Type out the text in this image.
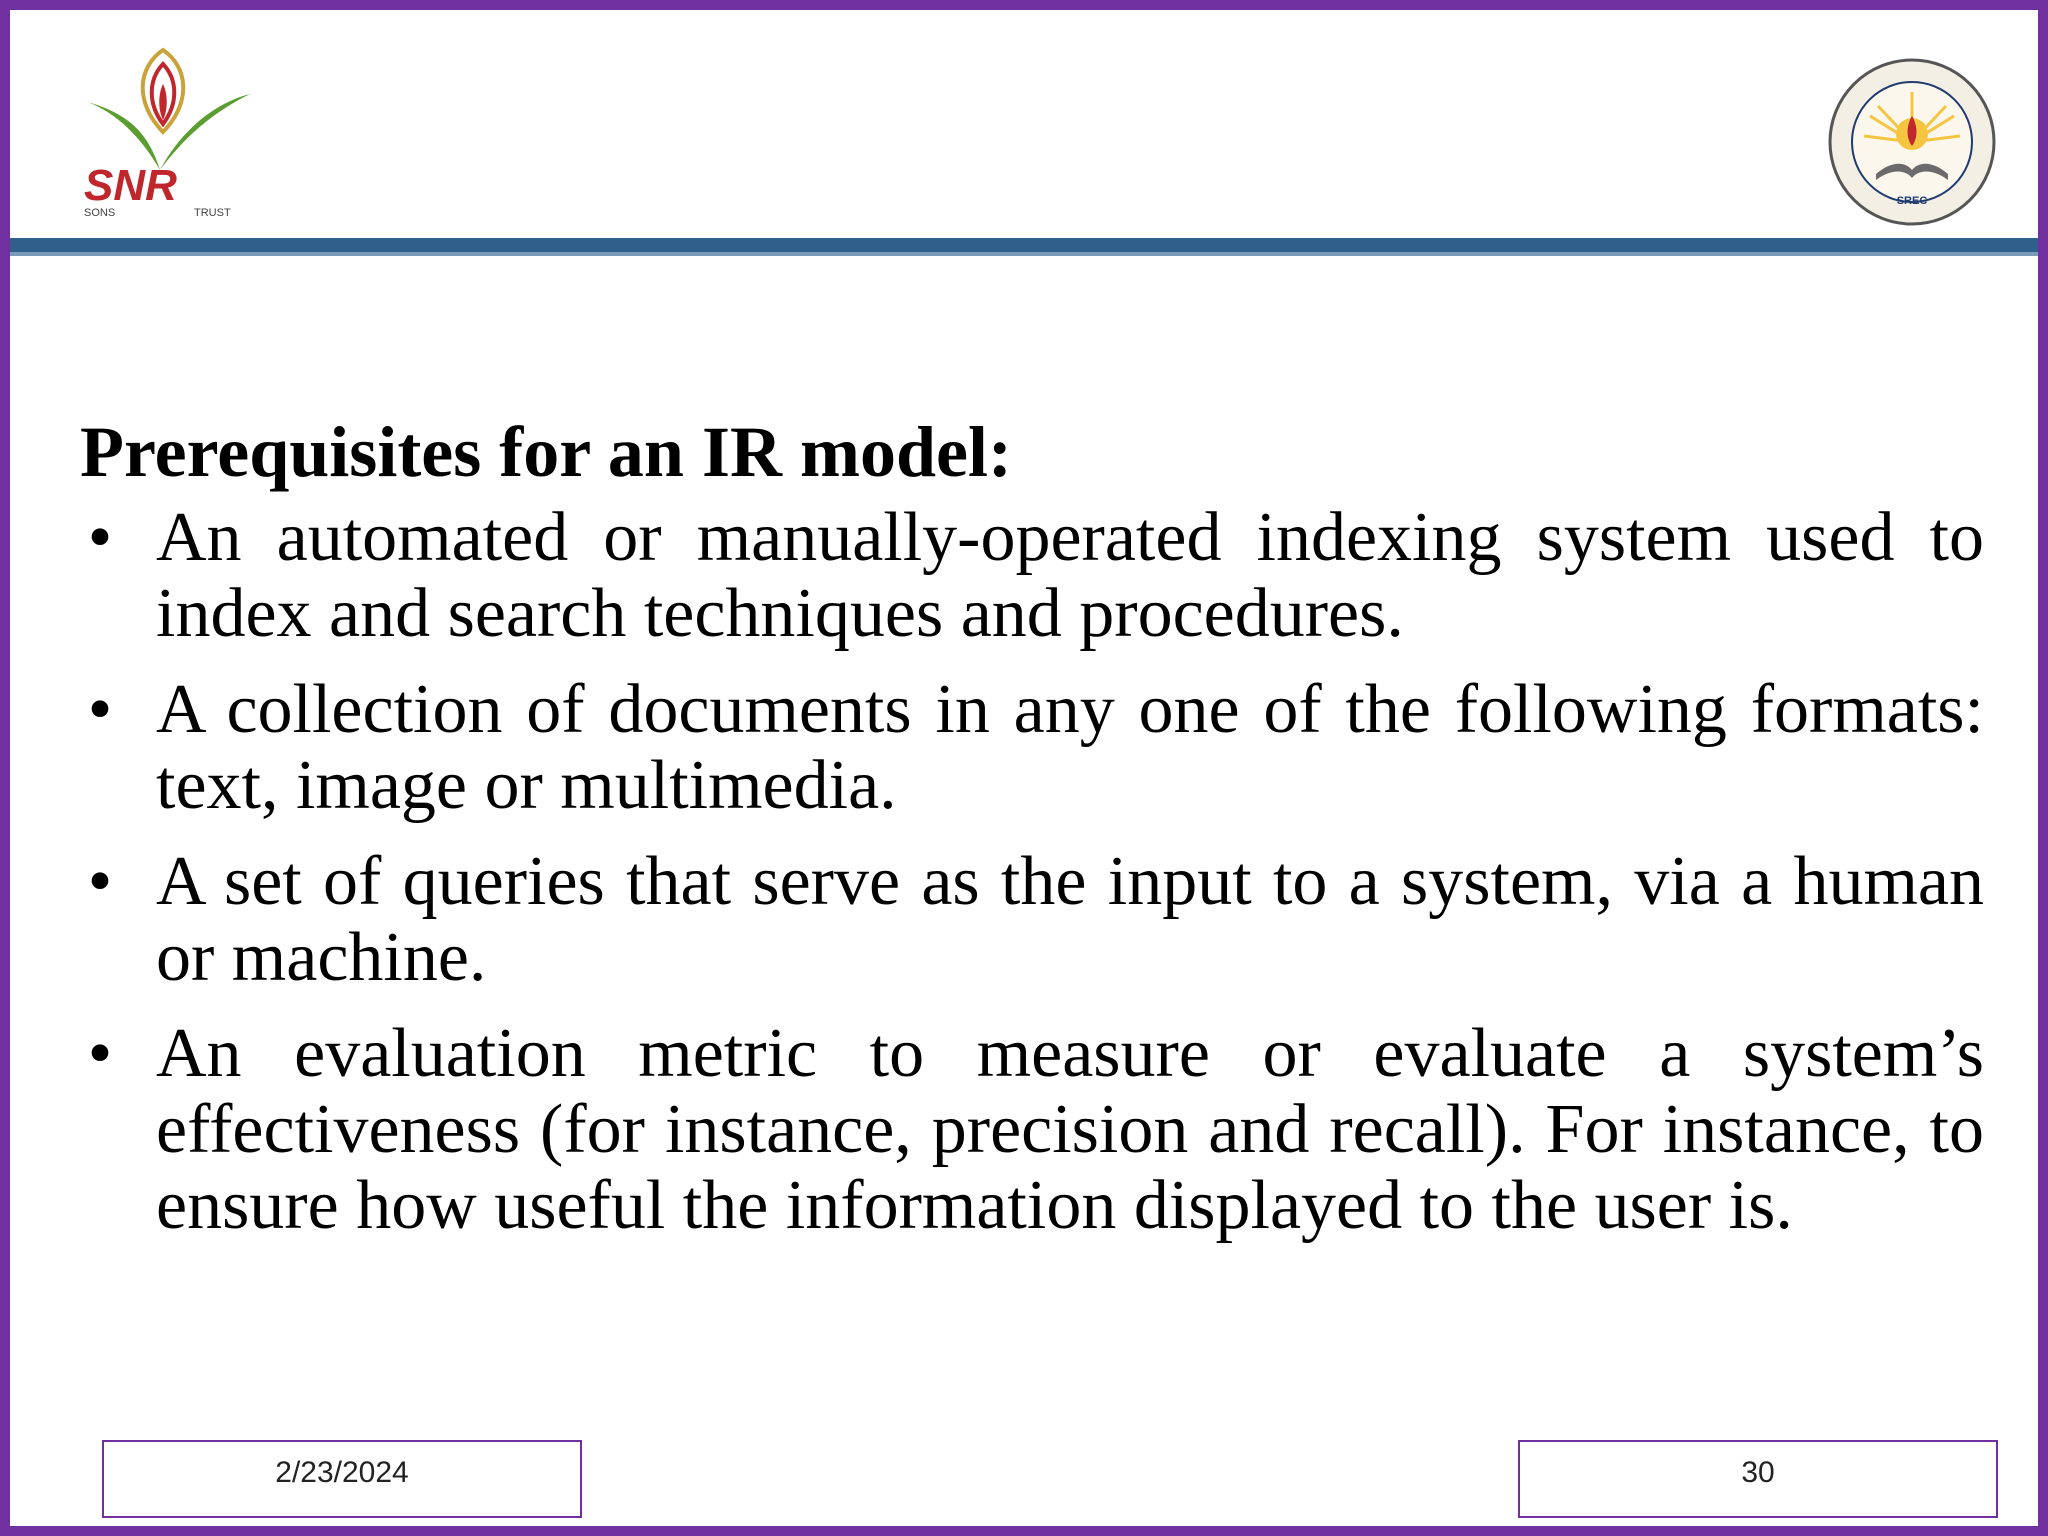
SNR
SONS	TRUST
SREC
Prerequisites for an IR model:
• An automated or manually-operated indexing system used to index and search techniques and procedures.
• A collection of documents in any one of the following formats: text, image or multimedia.
• A set of queries that serve as the input to a system, via a human or machine.
• An evaluation metric to measure or evaluate a system’s effectiveness (for instance, precision and recall). For instance, to ensure how useful the information displayed to the user is.
2/23/2024	30
